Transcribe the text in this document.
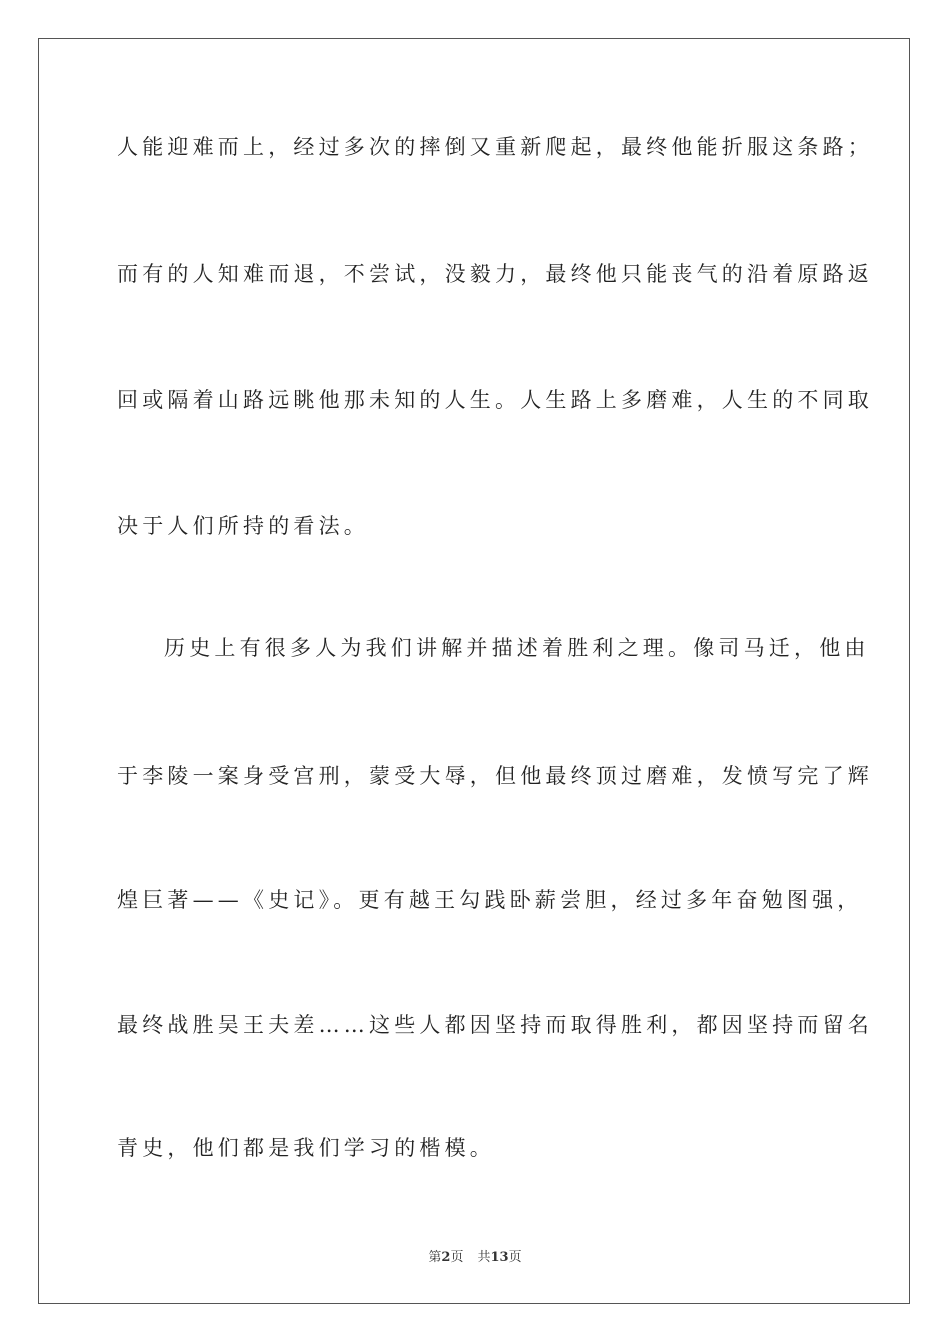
人能迎难而上，经过多次的摔倒又重新爬起，最终他能折服这条路；
而有的人知难而退，不尝试，没毅力，最终他只能丧气的沿着原路返
回或隔着山路远眺他那未知的人生。人生路上多磨难，人生的不同取
决于人们所持的看法。
历史上有很多人为我们讲解并描述着胜利之理。像司马迁，他由
于李陵一案身受宫刑，蒙受大辱，但他最终顶过磨难，发愤写完了辉
煌巨著——《史记》。更有越王勾践卧薪尝胆，经过多年奋勉图强，
最终战胜吴王夫差……这些人都因坚持而取得胜利，都因坚持而留名
青史，他们都是我们学习的楷模。
第2页 共13页
